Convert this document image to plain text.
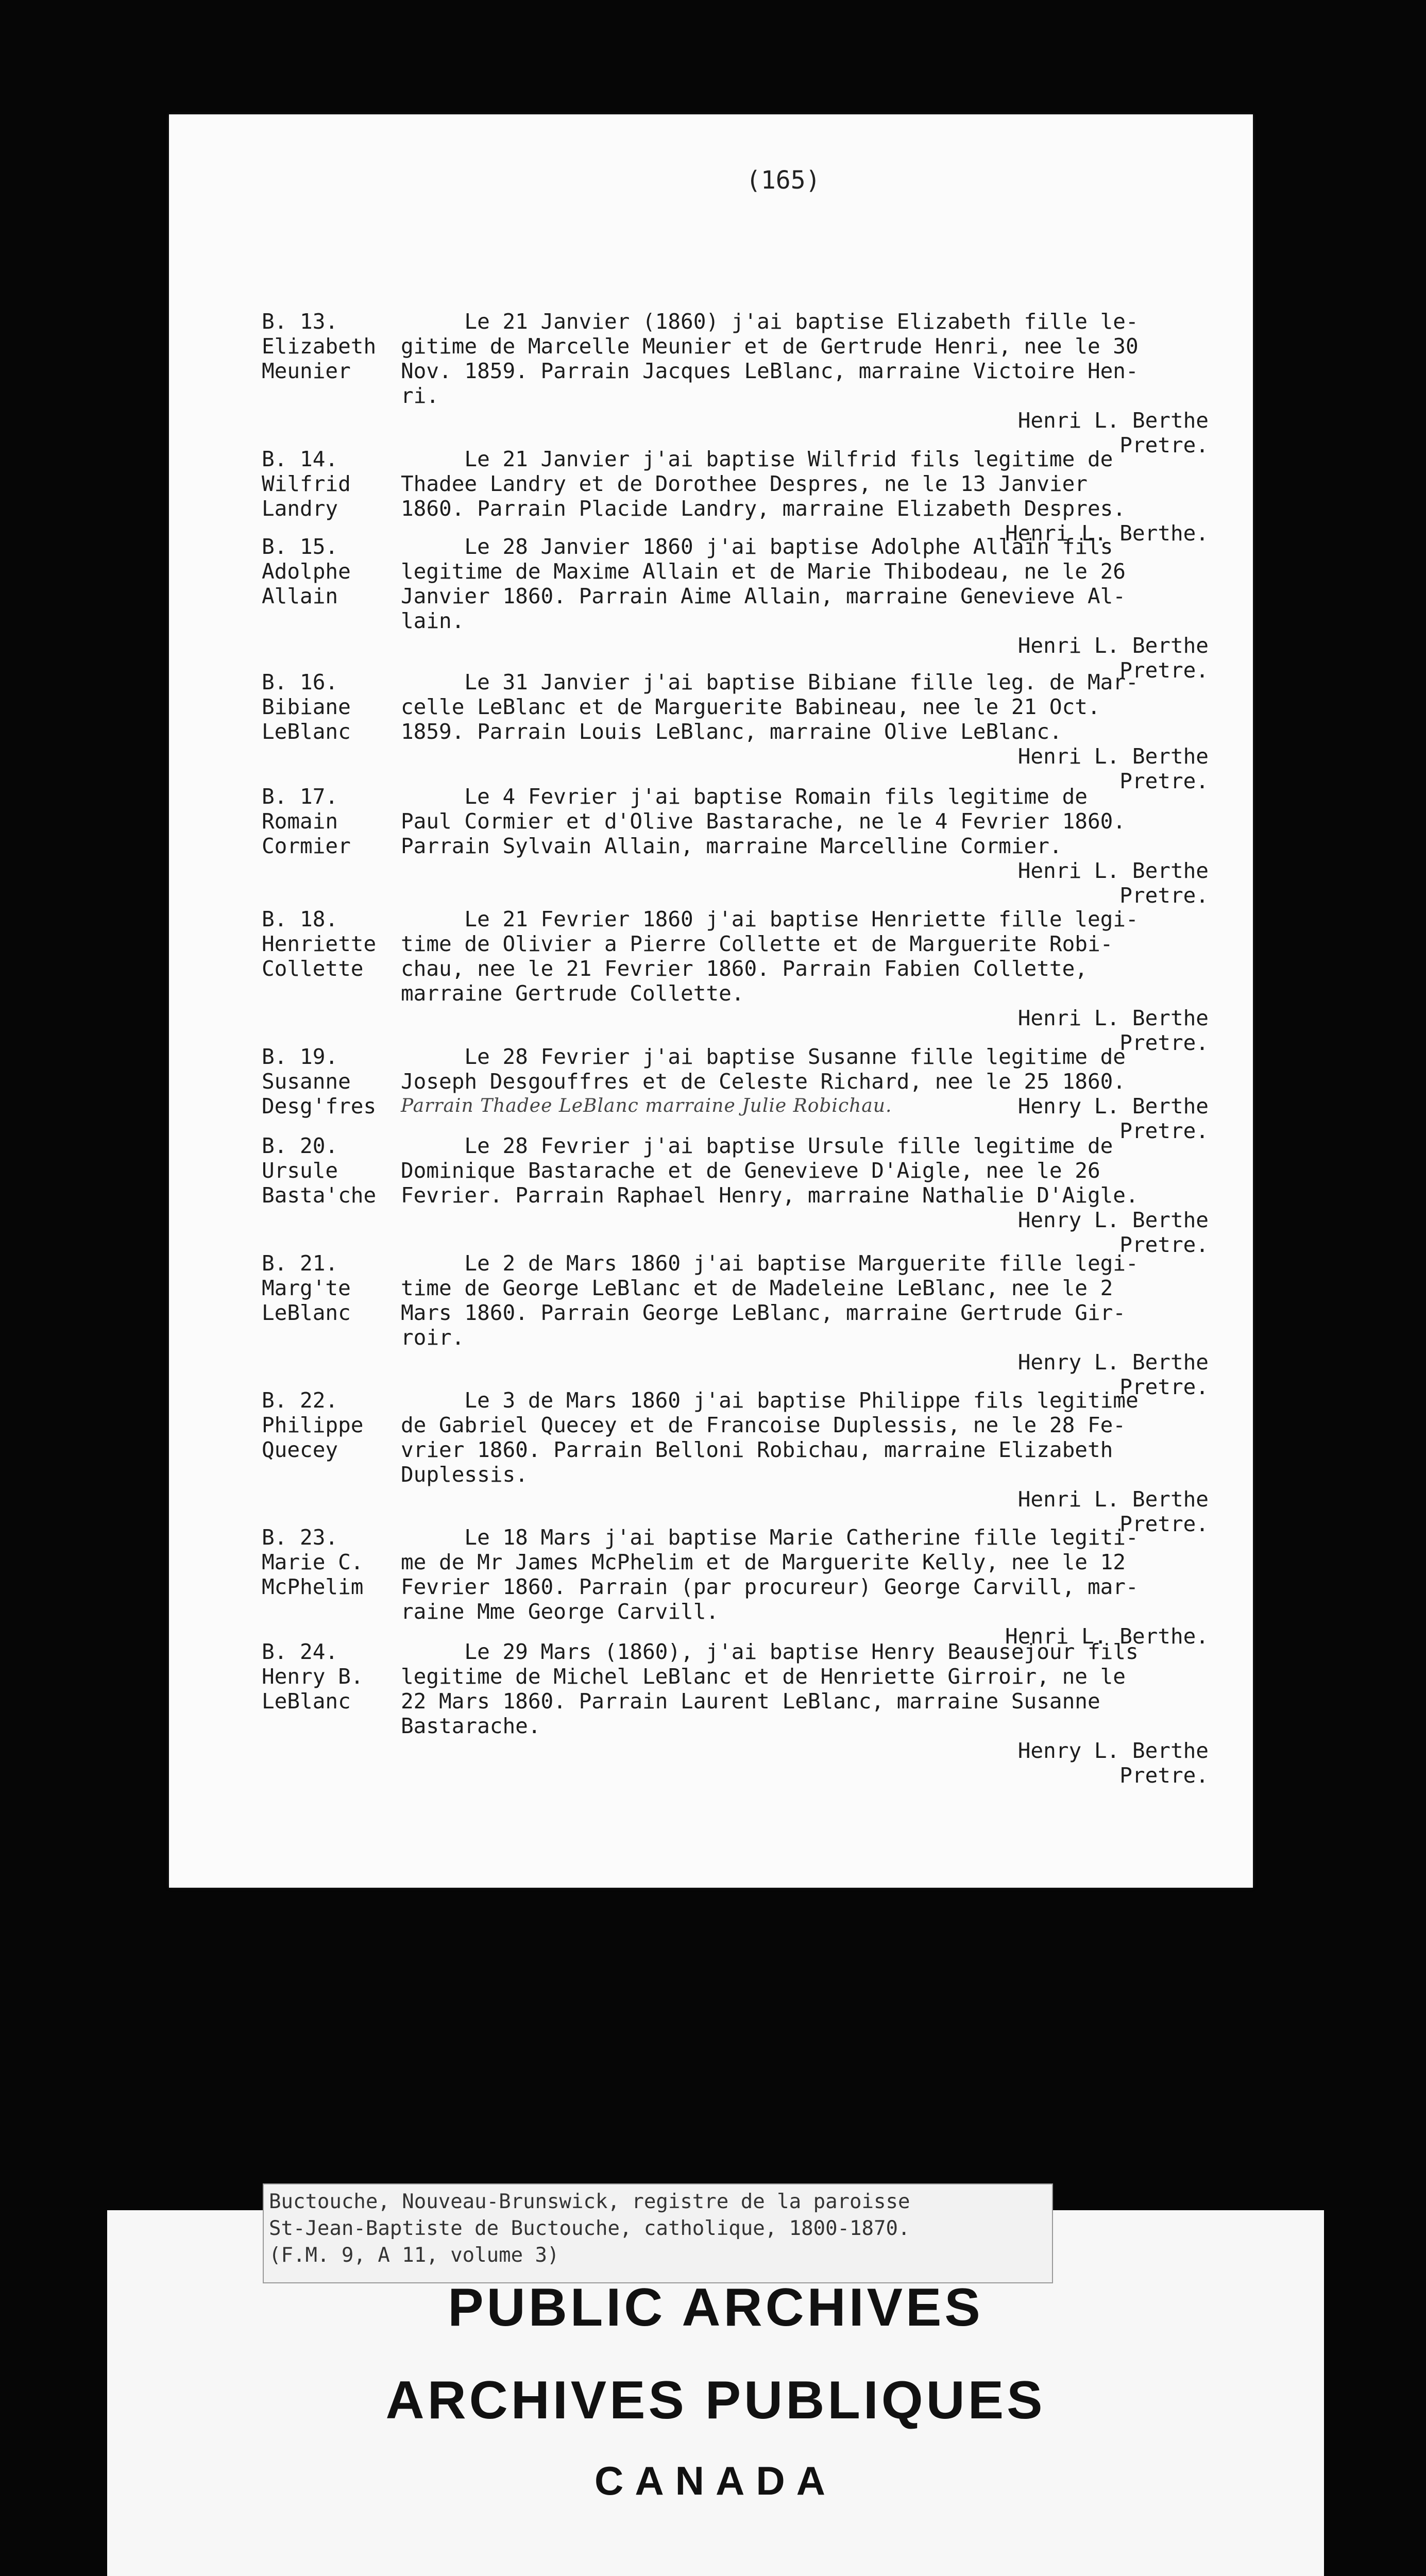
(165)
B. 13.
Elizabeth
Meunier
Le 21 Janvier (1860) j'ai baptise Elizabeth fille le-
gitime de Marcelle Meunier et de Gertrude Henri, nee le 30
Nov. 1859. Parrain Jacques LeBlanc, marraine Victoire Hen-
ri.
Henri L. Berthe
Pretre.
B. 14.
Wilfrid
Landry
Le 21 Janvier j'ai baptise Wilfrid fils legitime de
Thadee Landry et de Dorothee Despres, ne le 13 Janvier
1860. Parrain Placide Landry, marraine Elizabeth Despres.
Henri L. Berthe.
B. 15.
Adolphe
Allain
Le 28 Janvier 1860 j'ai baptise Adolphe Allain fils
legitime de Maxime Allain et de Marie Thibodeau, ne le 26
Janvier 1860. Parrain Aime Allain, marraine Genevieve Al-
lain.
Henri L. Berthe
Pretre.
B. 16.
Bibiane
LeBlanc
Le 31 Janvier j'ai baptise Bibiane fille leg. de Mar-
celle LeBlanc et de Marguerite Babineau, nee le 21 Oct.
1859. Parrain Louis LeBlanc, marraine Olive LeBlanc.
Henri L. Berthe
Pretre.
B. 17.
Romain
Cormier
Le 4 Fevrier j'ai baptise Romain fils legitime de
Paul Cormier et d'Olive Bastarache, ne le 4 Fevrier 1860.
Parrain Sylvain Allain, marraine Marcelline Cormier.
Henri L. Berthe
Pretre.
B. 18.
Henriette
Collette
Le 21 Fevrier 1860 j'ai baptise Henriette fille legi-
time de Olivier a Pierre Collette et de Marguerite Robi-
chau, nee le 21 Fevrier 1860. Parrain Fabien Collette,
marraine Gertrude Collette.
Henri L. Berthe
Pretre.
B. 19.
Susanne
Desg'fres
Le 28 Fevrier j'ai baptise Susanne fille legitime de
Joseph Desgouffres et de Celeste Richard, nee le 25 1860.
Parrain Thadee LeBlanc marraine Julie Robichau.	Henry L. Berthe
Pretre.
B. 20.
Ursule
Basta'che
Le 28 Fevrier j'ai baptise Ursule fille legitime de
Dominique Bastarache et de Genevieve D'Aigle, nee le 26
Fevrier. Parrain Raphael Henry, marraine Nathalie D'Aigle.
Henry L. Berthe
Pretre.
B. 21.
Marg'te
LeBlanc
Le 2 de Mars 1860 j'ai baptise Marguerite fille legi-
time de George LeBlanc et de Madeleine LeBlanc, nee le 2
Mars 1860. Parrain George LeBlanc, marraine Gertrude Gir-
roir.
Henry L. Berthe
Pretre.
B. 22.
Philippe
Quecey
Le 3 de Mars 1860 j'ai baptise Philippe fils legitime
de Gabriel Quecey et de Francoise Duplessis, ne le 28 Fe-
vrier 1860. Parrain Belloni Robichau, marraine Elizabeth
Duplessis.
Henri L. Berthe
Pretre.
B. 23.
Marie C.
McPhelim
Le 18 Mars j'ai baptise Marie Catherine fille legiti-
me de Mr James McPhelim et de Marguerite Kelly, nee le 12
Fevrier 1860. Parrain (par procureur) George Carvill, mar-
raine Mme George Carvill.
Henri L. Berthe.
B. 24.
Henry B.
LeBlanc
Le 29 Mars (1860), j'ai baptise Henry Beausejour fils
legitime de Michel LeBlanc et de Henriette Girroir, ne le
22 Mars 1860. Parrain Laurent LeBlanc, marraine Susanne
Bastarache.
Henry L. Berthe
Pretre.
Buctouche, Nouveau-Brunswick, registre de la paroisse
St-Jean-Baptiste de Buctouche, catholique, 1800-1870.
(F.M. 9, A 11, volume 3)
PUBLIC ARCHIVES
ARCHIVES PUBLIQUES
CANADA
